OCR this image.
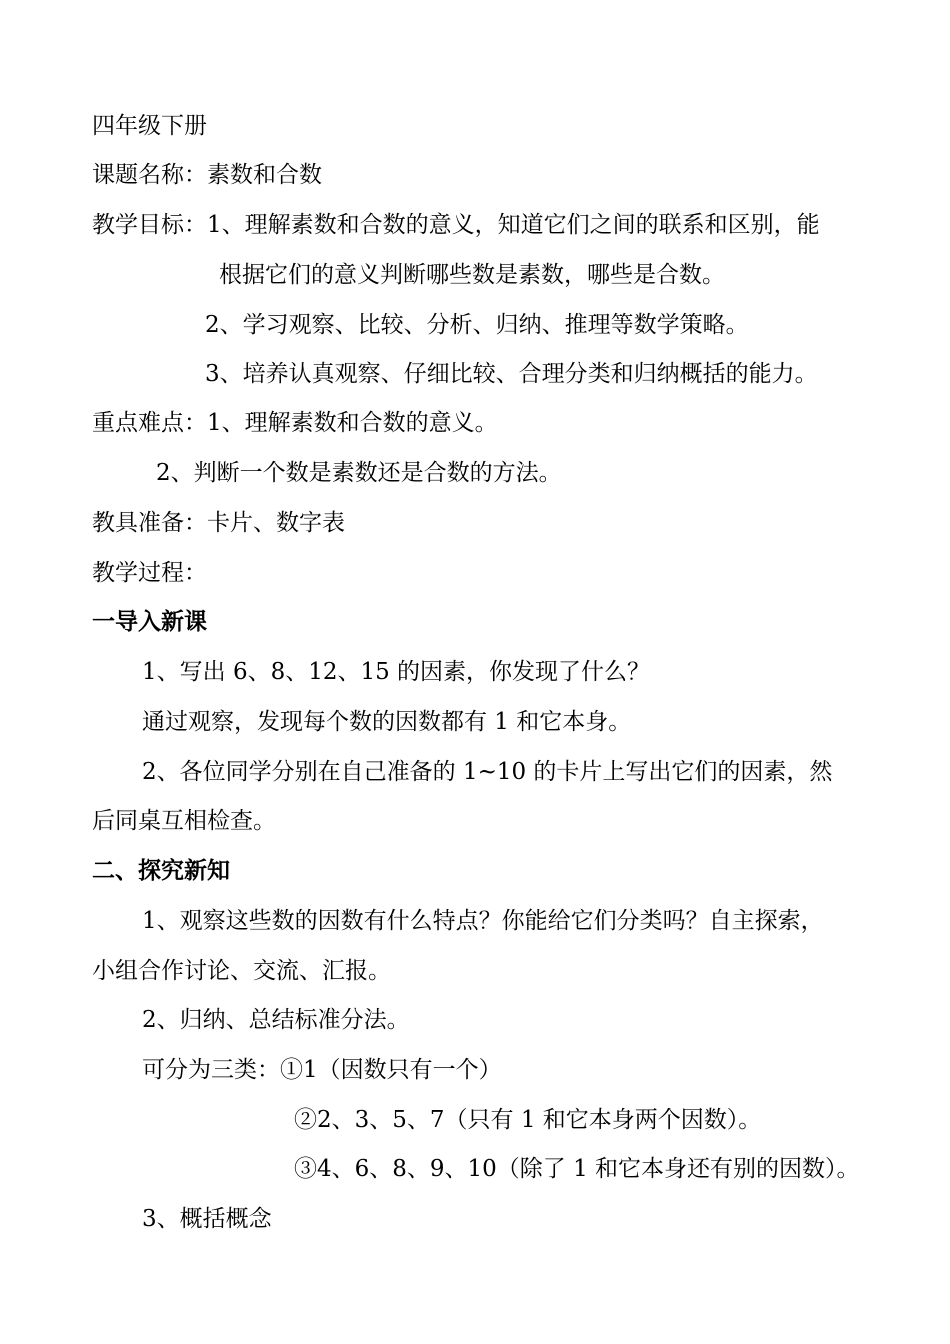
四年级下册
课题名称：素数和合数
教学目标：1、理解素数和合数的意义，知道它们之间的联系和区别，能
根据它们的意义判断哪些数是素数，哪些是合数。
2、学习观察、比较、分析、归纳、推理等数学策略。
3、培养认真观察、仔细比较、合理分类和归纳概括的能力。
重点难点：1、理解素数和合数的意义。
2、判断一个数是素数还是合数的方法。
教具准备：卡片、数字表
教学过程：
一导入新课
1、写出 6、8、12、15 的因素，你发现了什么？
通过观察，发现每个数的因数都有 1 和它本身。
2、各位同学分别在自己准备的 1~10 的卡片上写出它们的因素，然
后同桌互相检查。
二、探究新知
1、观察这些数的因数有什么特点？你能给它们分类吗？自主探索，
小组合作讨论、交流、汇报。
2、归纳、总结标准分法。
可分为三类：①1（因数只有一个）
②2、3、5、7（只有 1 和它本身两个因数）。
③4、6、8、9、10（除了 1 和它本身还有别的因数）。
3、概括概念
